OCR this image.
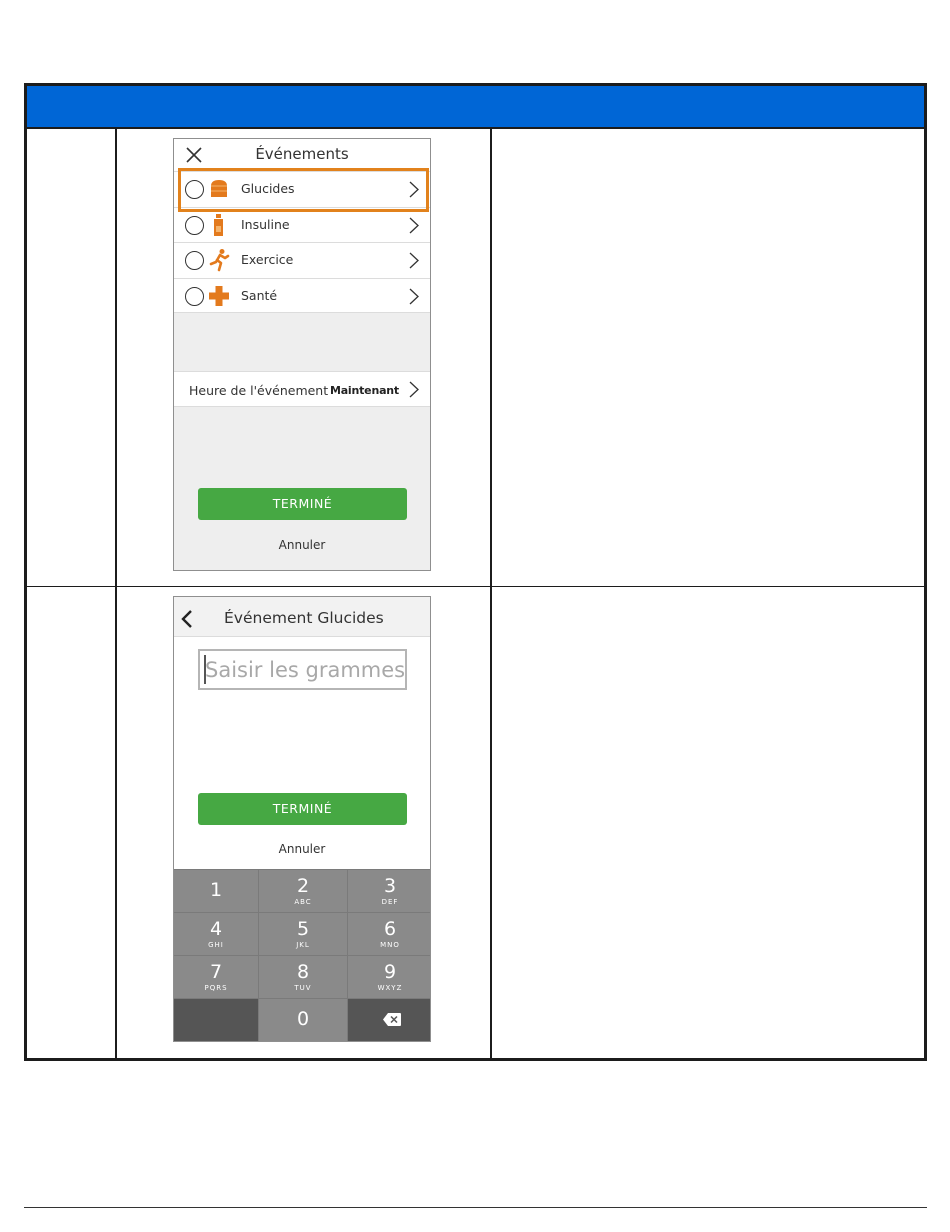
Événements
Glucides
Insuline
Exercice
Santé
Heure de l'événement Maintenant
TERMINÉ
Annuler
Événement Glucides
Saisir les grammes
TERMINÉ
Annuler
1	2
ABC
3
DEF
4
GHI
5
JKL
6
MNO
7
PQRS
8
TUV
9
WXYZ
0
